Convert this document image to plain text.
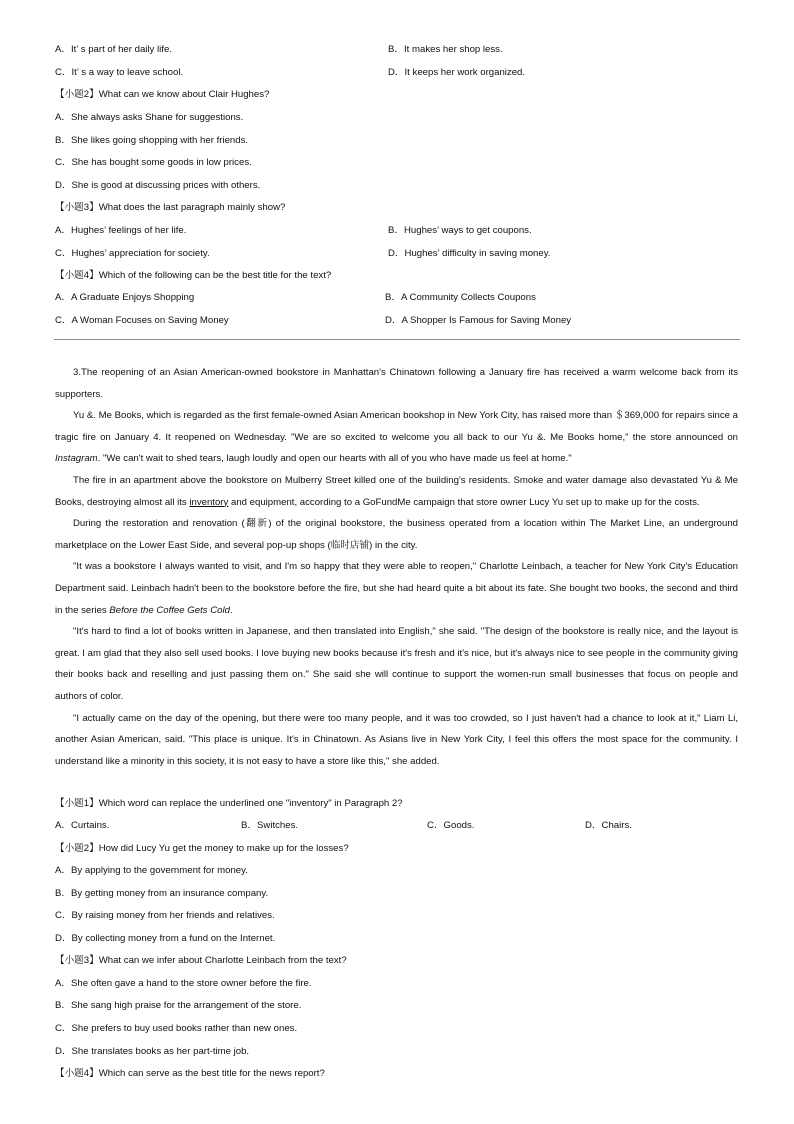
A．It’ s part of her daily life.	B．It makes her shop less.
C．It’ s a way to leave school.	D．It keeps her work organized.
【小题2】What can we know about Clair Hughes?
A．She always asks Shane for suggestions.
B．She likes going shopping with her friends.
C．She has bought some goods in low prices.
D．She is good at discussing prices with others.
【小题3】What does the last paragraph mainly show?
A．Hughes’ feelings of her life.	B．Hughes’ ways to get coupons.
C．Hughes’ appreciation for society.	D．Hughes’ difficulty in saving money.
【小题4】Which of the following can be the best title for the text?
A．A Graduate Enjoys Shopping	B．A Community Collects Coupons
C．A Woman Focuses on Saving Money	D．A Shopper Is Famous for Saving Money

3.The reopening of an Asian American-owned bookstore in Manhattan's Chinatown following a January fire has received a warm welcome back from its supporters.

Yu &. Me Books, which is regarded as the first female-owned Asian American bookshop in New York City, has raised more than ＄369,000 for repairs since a tragic fire on January 4. It reopened on Wednesday. "We are so excited to welcome you all back to our Yu &. Me Books home," the store announced on Instagram. "We can't wait to shed tears, laugh loudly and open our hearts with all of you who have made us feel at home."

The fire in an apartment above the bookstore on Mulberry Street killed one of the building's residents. Smoke and water damage also devastated Yu & Me Books, destroying almost all its inventory and equipment, according to a GoFundMe campaign that store owner Lucy Yu set up to make up for the costs.

During the restoration and renovation (翻新) of the original bookstore, the business operated from a location within The Market Line, an underground marketplace on the Lower East Side, and several pop-up shops (临时店铺) in the city.

"It was a bookstore I always wanted to visit, and I'm so happy that they were able to reopen," Charlotte Leinbach, a teacher for New York City's Education Department said. Leinbach hadn't been to the bookstore before the fire, but she had heard quite a bit about its fate. She bought two books, the second and third in the series Before the Coffee Gets Cold.

"It's hard to find a lot of books written in Japanese, and then translated into English," she said. "The design of the bookstore is really nice, and the layout is great. I am glad that they also sell used books. I love buying new books because it's fresh and it's nice, but it's always nice to see people in the community giving their books back and reselling and just passing them on." She said she will continue to support the women-run small businesses that focus on people and authors of color.

"I actually came on the day of the opening, but there were too many people, and it was too crowded, so I just haven't had a chance to look at it," Liam Li, another Asian American, said. "This place is unique. It's in Chinatown. As Asians live in New York City, I feel this offers the most space for the community. I understand like a minority in this society, it is not easy to have a store like this," she added.

【小题1】Which word can replace the underlined one "inventory" in Paragraph 2?
A．Curtains.	B．Switches.	C．Goods.	D．Chairs.
【小题2】How did Lucy Yu get the money to make up for the losses?
A．By applying to the government for money.
B．By getting money from an insurance company.
C．By raising money from her friends and relatives.
D．By collecting money from a fund on the Internet.
【小题3】What can we infer about Charlotte Leinbach from the text?
A．She often gave a hand to the store owner before the fire.
B．She sang high praise for the arrangement of the store.
C．She prefers to buy used books rather than new ones.
D．She translates books as her part-time job.
【小题4】Which can serve as the best title for the news report?
